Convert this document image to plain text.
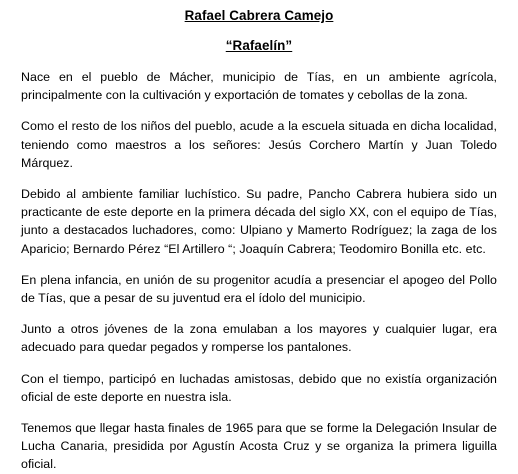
Rafael Cabrera Camejo
“Rafaelín”

Nace en el pueblo de Mácher, municipio de Tías, en un ambiente agrícola, principalmente con la cultivación y exportación de tomates y cebollas de la zona.

Como el resto de los niños del pueblo, acude a la escuela situada en dicha localidad, teniendo como maestros a los señores: Jesús Corchero Martín y Juan Toledo Márquez.

Debido al ambiente familiar luchístico. Su padre, Pancho Cabrera hubiera sido un practicante de este deporte en la primera década del siglo XX, con el equipo de Tías, junto a destacados luchadores, como: Ulpiano y Mamerto Rodríguez; la zaga de los Aparicio; Bernardo Pérez “El Artillero “; Joaquín Cabrera; Teodomiro Bonilla etc. etc.

En plena infancia, en unión de su progenitor acudía a presenciar el apogeo del Pollo de Tías, que a pesar de su juventud era el ídolo del municipio.

Junto a otros jóvenes de la zona emulaban a los mayores y cualquier lugar, era adecuado para quedar pegados y romperse los pantalones.

Con el tiempo, participó en luchadas amistosas, debido que no existía organización oficial de este deporte en nuestra isla.

Tenemos que llegar hasta finales de 1965 para que se forme la Delegación Insular de Lucha Canaria, presidida por Agustín Acosta Cruz y se organiza la primera liguilla oficial.
